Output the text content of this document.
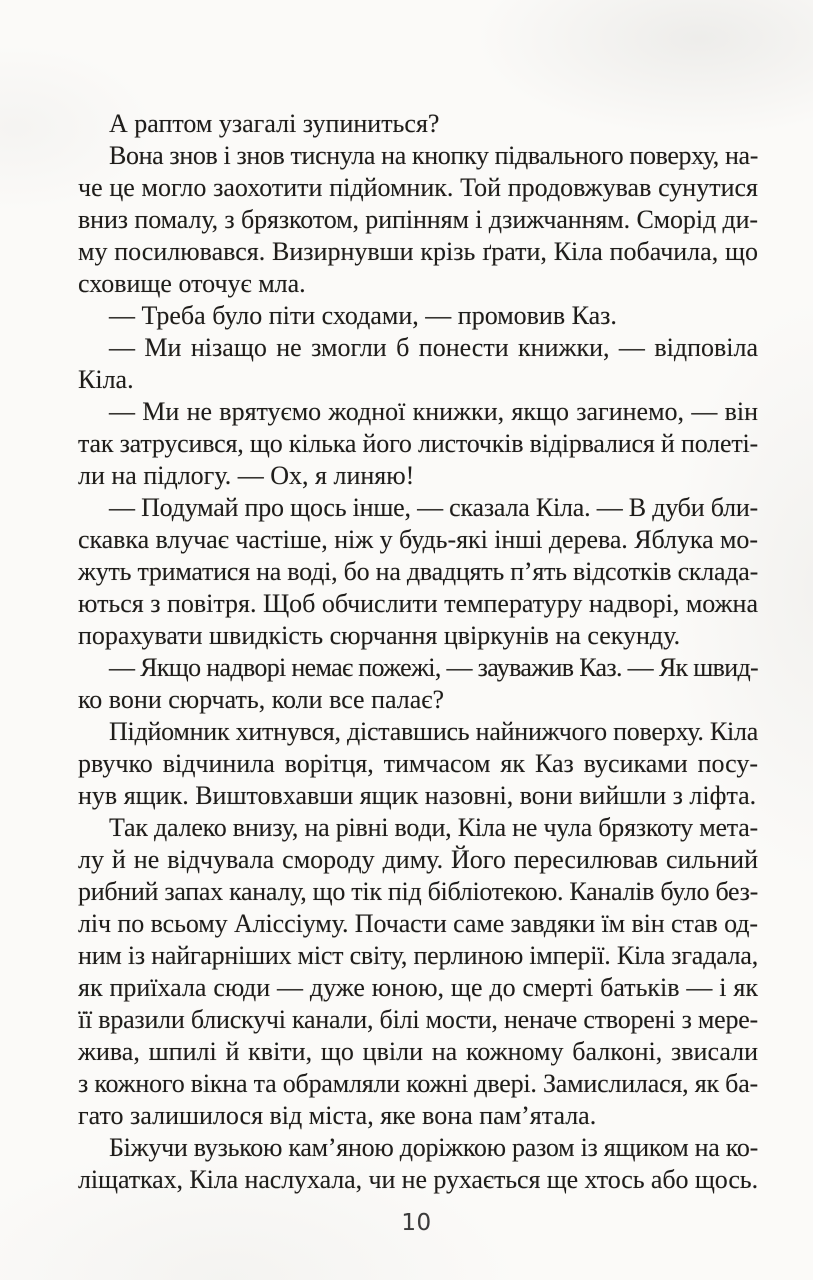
А раптом узагалі зупиниться?
Вона знов і знов тиснула на кнопку підвального поверху, на-
че це могло заохотити підйомник. Той продовжував сунутися
вниз помалу, з брязкотом, рипінням і дзижчанням. Сморід ди-
му посилювався. Визирнувши крізь ґрати, Кіла побачила, що
сховище оточує мла.
— Треба було піти сходами, — промовив Каз.
— Ми нізащо не змогли б понести книжки, — відповіла
Кіла.
— Ми не врятуємо жодної книжки, якщо загинемо, — він
так затрусився, що кілька його листочків відірвалися й полеті-
ли на підлогу. — Ох, я линяю!
— Подумай про щось інше, — сказала Кіла. — В дуби бли-
скавка влучає частіше, ніж у будь-які інші дерева. Яблука мо-
жуть триматися на воді, бо на двадцять п’ять відсотків склада-
ються з повітря. Щоб обчислити температуру надворі, можна
порахувати швидкість сюрчання цвіркунів на секунду.
— Якщо надворі немає пожежі, — зауважив Каз. — Як швид-
ко вони сюрчать, коли все палає?
Підйомник хитнувся, діставшись найнижчого поверху. Кіла
рвучко відчинила ворітця, тимчасом як Каз вусиками посу-
нув ящик. Виштовхавши ящик назовні, вони вийшли з ліфта.
Так далеко внизу, на рівні води, Кіла не чула брязкоту мета-
лу й не відчувала смороду диму. Його пересилював сильний
рибний запах каналу, що тік під бібліотекою. Каналів було без-
ліч по всьому Аліссіуму. Почасти саме завдяки їм він став од-
ним із найгарніших міст світу, перлиною імперії. Кіла згадала,
як приїхала сюди — дуже юною, ще до смерті батьків — і як
її вразили блискучі канали, білі мости, неначе створені з мере-
жива, шпилі й квіти, що цвіли на кожному балконі, звисали
з кожного вікна та обрамляли кожні двері. Замислилася, як ба-
гато залишилося від міста, яке вона пам’ятала.
Біжучи вузькою кам’яною доріжкою разом із ящиком на ко-
ліщатках, Кіла наслухала, чи не рухається ще хтось або щось.
10
